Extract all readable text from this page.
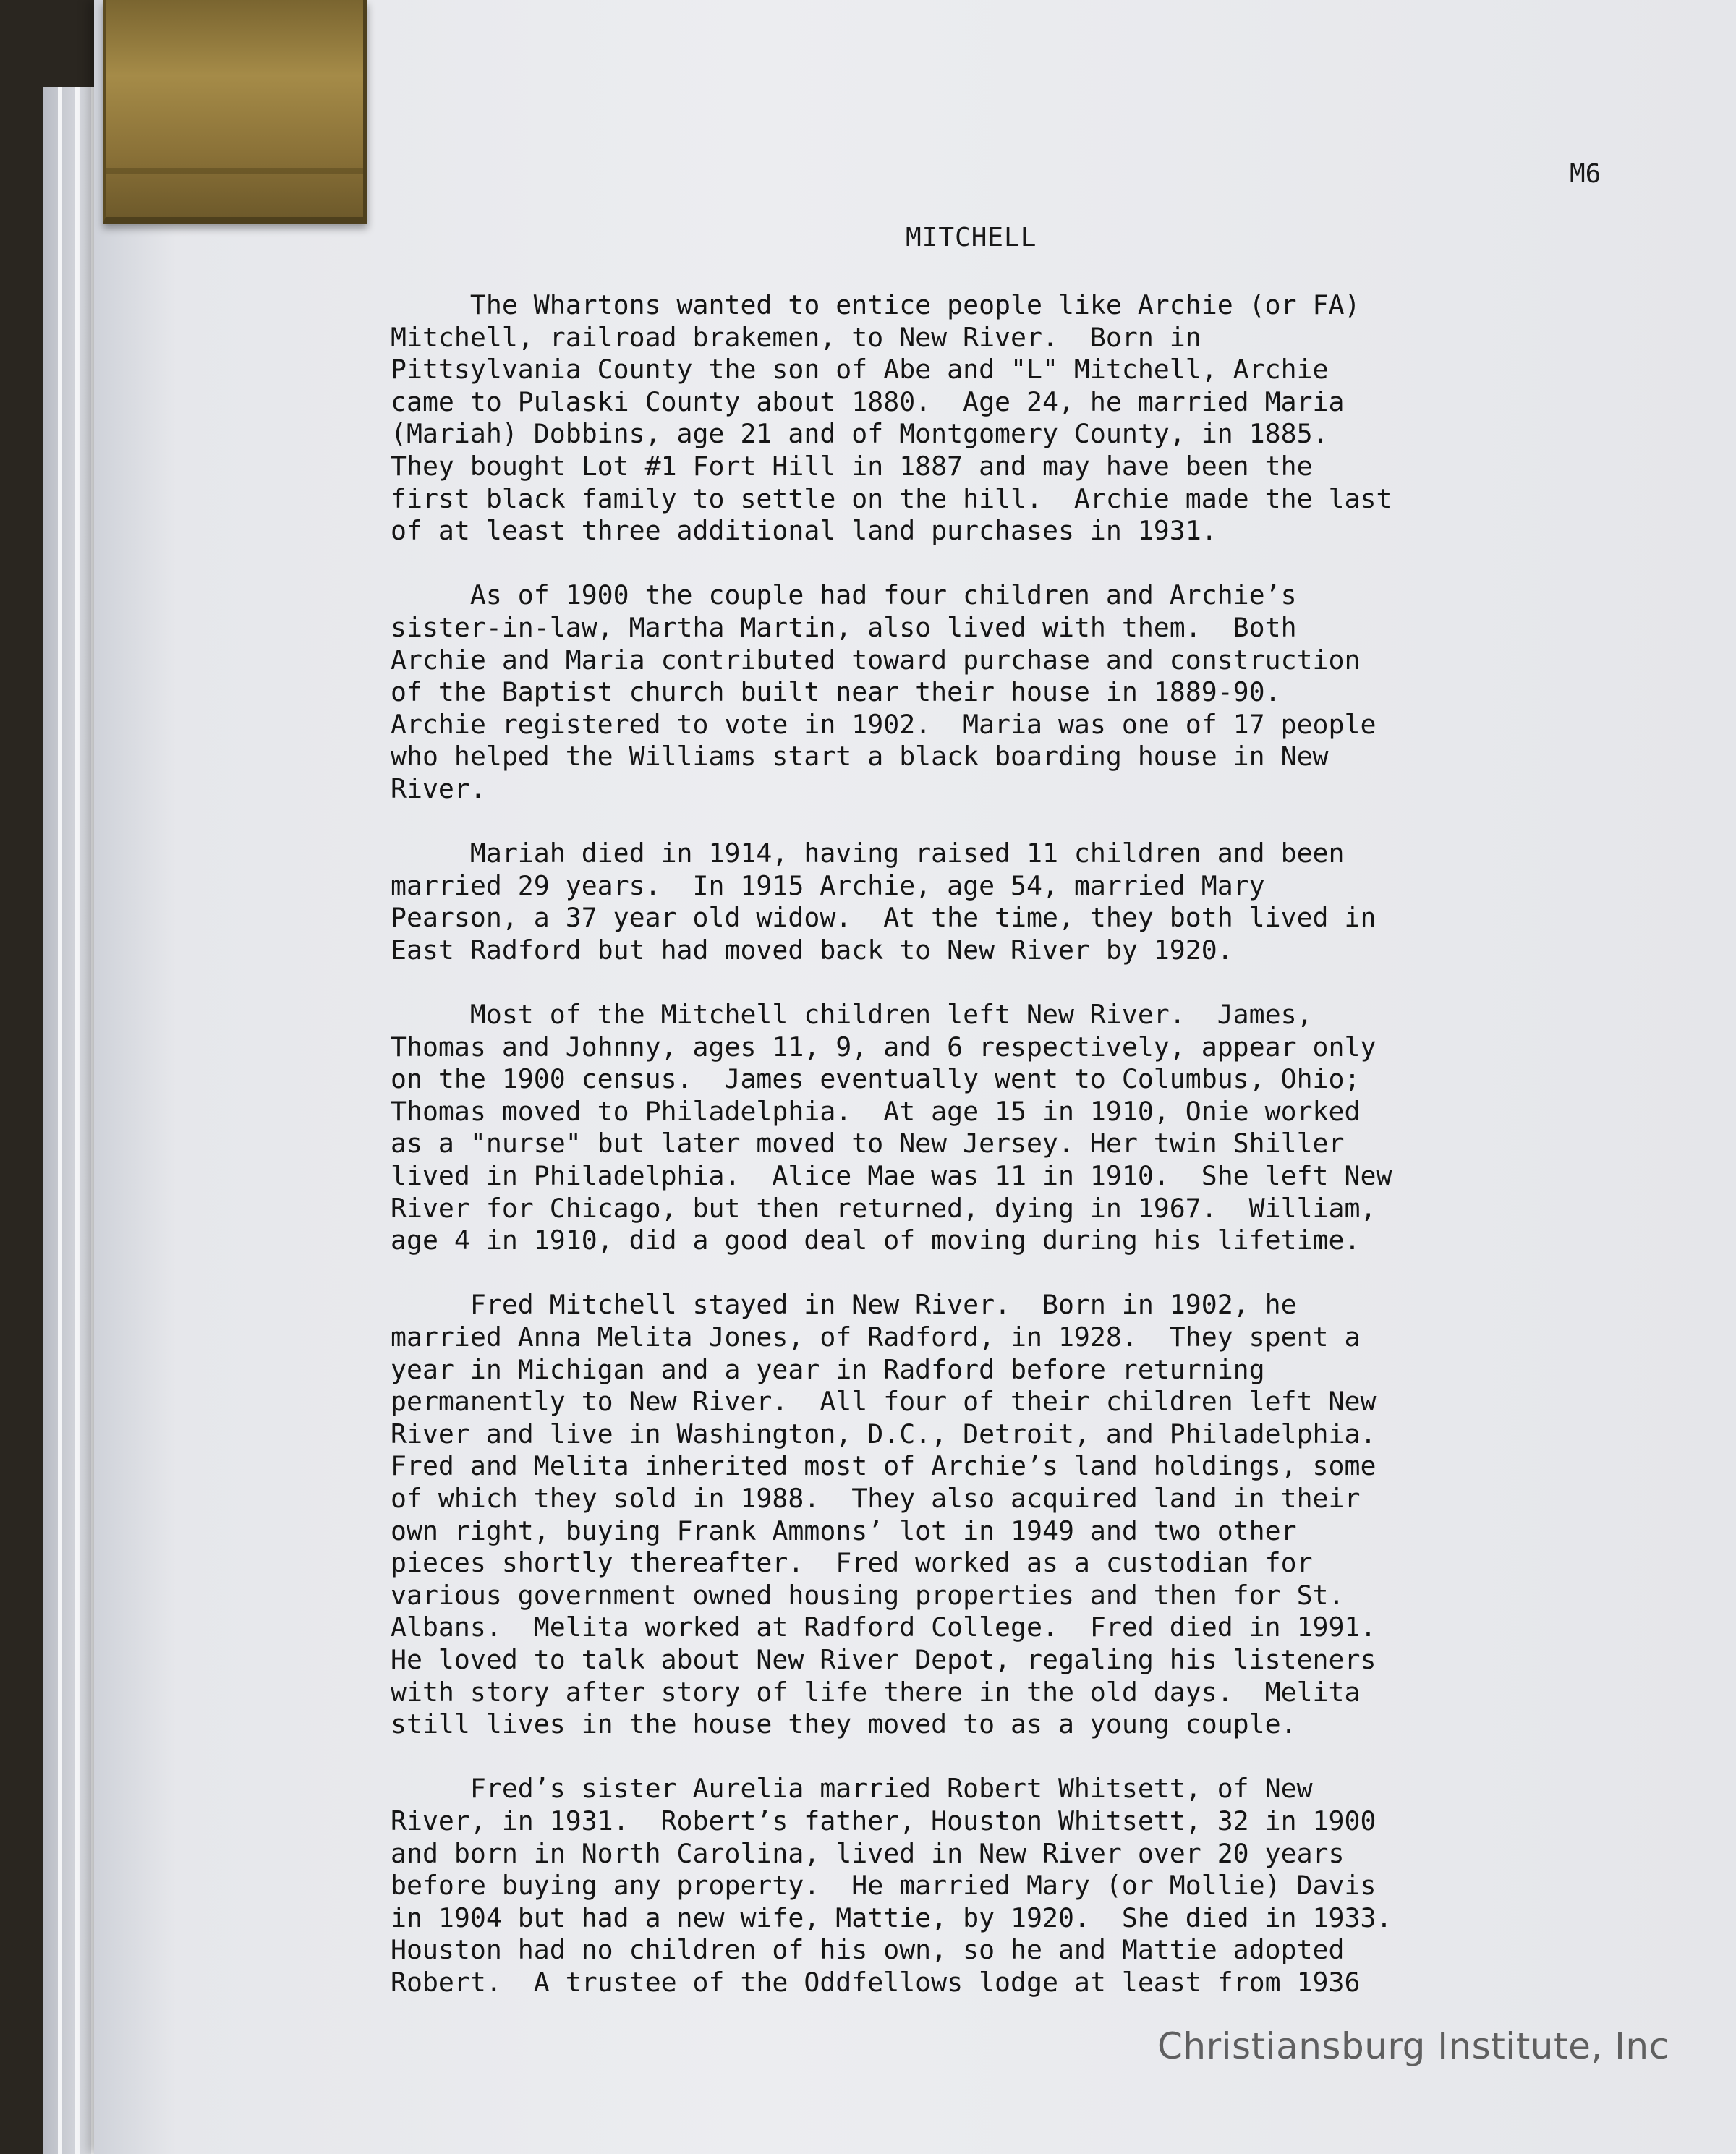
M6
MITCHELL
The Whartons wanted to entice people like Archie (or FA)
Mitchell, railroad brakemen, to New River.  Born in
Pittsylvania County the son of Abe and "L" Mitchell, Archie
came to Pulaski County about 1880.  Age 24, he married Maria
(Mariah) Dobbins, age 21 and of Montgomery County, in 1885.
They bought Lot #1 Fort Hill in 1887 and may have been the
first black family to settle on the hill.  Archie made the last
of at least three additional land purchases in 1931.
As of 1900 the couple had four children and Archie’s
sister-in-law, Martha Martin, also lived with them.  Both
Archie and Maria contributed toward purchase and construction
of the Baptist church built near their house in 1889-90.
Archie registered to vote in 1902.  Maria was one of 17 people
who helped the Williams start a black boarding house in New
River.
Mariah died in 1914, having raised 11 children and been
married 29 years.  In 1915 Archie, age 54, married Mary
Pearson, a 37 year old widow.  At the time, they both lived in
East Radford but had moved back to New River by 1920.
Most of the Mitchell children left New River.  James,
Thomas and Johnny, ages 11, 9, and 6 respectively, appear only
on the 1900 census.  James eventually went to Columbus, Ohio;
Thomas moved to Philadelphia.  At age 15 in 1910, Onie worked
as a "nurse" but later moved to New Jersey. Her twin Shiller
lived in Philadelphia.  Alice Mae was 11 in 1910.  She left New
River for Chicago, but then returned, dying in 1967.  William,
age 4 in 1910, did a good deal of moving during his lifetime.
Fred Mitchell stayed in New River.  Born in 1902, he
married Anna Melita Jones, of Radford, in 1928.  They spent a
year in Michigan and a year in Radford before returning
permanently to New River.  All four of their children left New
River and live in Washington, D.C., Detroit, and Philadelphia.
Fred and Melita inherited most of Archie’s land holdings, some
of which they sold in 1988.  They also acquired land in their
own right, buying Frank Ammons’ lot in 1949 and two other
pieces shortly thereafter.  Fred worked as a custodian for
various government owned housing properties and then for St.
Albans.  Melita worked at Radford College.  Fred died in 1991.
He loved to talk about New River Depot, regaling his listeners
with story after story of life there in the old days.  Melita
still lives in the house they moved to as a young couple.
Fred’s sister Aurelia married Robert Whitsett, of New
River, in 1931.  Robert’s father, Houston Whitsett, 32 in 1900
and born in North Carolina, lived in New River over 20 years
before buying any property.  He married Mary (or Mollie) Davis
in 1904 but had a new wife, Mattie, by 1920.  She died in 1933.
Houston had no children of his own, so he and Mattie adopted
Robert.  A trustee of the Oddfellows lodge at least from 1936
Christiansburg Institute, Inc
